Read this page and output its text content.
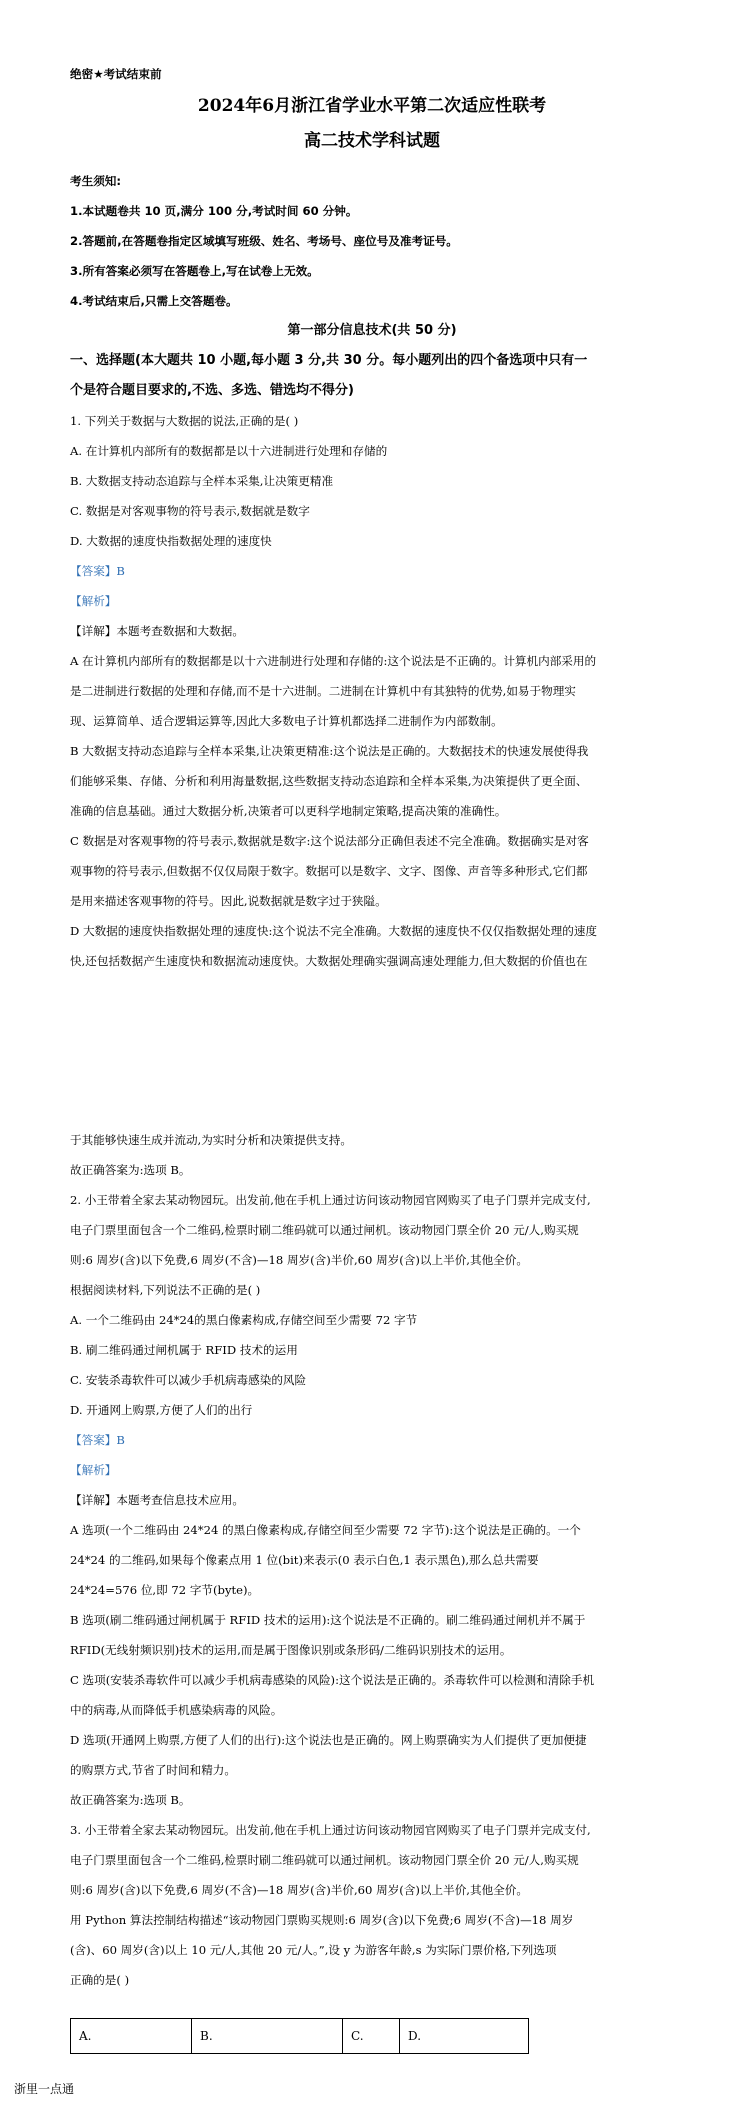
绝密★考试结束前
2024年6月浙江省学业水平第二次适应性联考
高二技术学科试题
考生须知:
1.本试题卷共 10 页,满分 100 分,考试时间 60 分钟。
2.答题前,在答题卷指定区域填写班级、姓名、考场号、座位号及准考证号。
3.所有答案必须写在答题卷上,写在试卷上无效。
4.考试结束后,只需上交答题卷。
第一部分信息技术(共 50 分)
一、选择题(本大题共 10 小题,每小题 3 分,共 30 分。每小题列出的四个备选项中只有一
个是符合题目要求的,不选、多选、错选均不得分)
1. 下列关于数据与大数据的说法,正确的是( )
A. 在计算机内部所有的数据都是以十六进制进行处理和存储的
B. 大数据支持动态追踪与全样本采集,让决策更精准
C. 数据是对客观事物的符号表示,数据就是数字
D. 大数据的速度快指数据处理的速度快
【答案】B
【解析】
【详解】本题考查数据和大数据。
A 在计算机内部所有的数据都是以十六进制进行处理和存储的:这个说法是不正确的。计算机内部采用的
是二进制进行数据的处理和存储,而不是十六进制。二进制在计算机中有其独特的优势,如易于物理实
现、运算简单、适合逻辑运算等,因此大多数电子计算机都选择二进制作为内部数制。
B 大数据支持动态追踪与全样本采集,让决策更精准:这个说法是正确的。大数据技术的快速发展使得我
们能够采集、存储、分析和利用海量数据,这些数据支持动态追踪和全样本采集,为决策提供了更全面、
准确的信息基础。通过大数据分析,决策者可以更科学地制定策略,提高决策的准确性。
C 数据是对客观事物的符号表示,数据就是数字:这个说法部分正确但表述不完全准确。数据确实是对客
观事物的符号表示,但数据不仅仅局限于数字。数据可以是数字、文字、图像、声音等多种形式,它们都
是用来描述客观事物的符号。因此,说数据就是数字过于狭隘。
D 大数据的速度快指数据处理的速度快:这个说法不完全准确。大数据的速度快不仅仅指数据处理的速度
快,还包括数据产生速度快和数据流动速度快。大数据处理确实强调高速处理能力,但大数据的价值也在
于其能够快速生成并流动,为实时分析和决策提供支持。
故正确答案为:选项 B。
2. 小王带着全家去某动物园玩。出发前,他在手机上通过访问该动物园官网购买了电子门票并完成支付,
电子门票里面包含一个二维码,检票时刷二维码就可以通过闸机。该动物园门票全价 20 元/人,购买规
则:6 周岁(含)以下免费,6 周岁(不含)—18 周岁(含)半价,60 周岁(含)以上半价,其他全价。
根据阅读材料,下列说法不正确的是( )
A. 一个二维码由 24*24的黑白像素构成,存储空间至少需要 72 字节
B. 刷二维码通过闸机属于 RFID 技术的运用
C. 安装杀毒软件可以减少手机病毒感染的风险
D. 开通网上购票,方便了人们的出行
【答案】B
【解析】
【详解】本题考查信息技术应用。
A 选项(一个二维码由 24*24 的黑白像素构成,存储空间至少需要 72 字节):这个说法是正确的。一个
24*24 的二维码,如果每个像素点用 1 位(bit)来表示(0 表示白色,1 表示黑色),那么总共需要
24*24=576 位,即 72 字节(byte)。
B 选项(刷二维码通过闸机属于 RFID 技术的运用):这个说法是不正确的。刷二维码通过闸机并不属于
RFID(无线射频识别)技术的运用,而是属于图像识别或条形码/二维码识别技术的运用。
C 选项(安装杀毒软件可以减少手机病毒感染的风险):这个说法是正确的。杀毒软件可以检测和清除手机
中的病毒,从而降低手机感染病毒的风险。
D 选项(开通网上购票,方便了人们的出行):这个说法也是正确的。网上购票确实为人们提供了更加便捷
的购票方式,节省了时间和精力。
故正确答案为:选项 B。
3. 小王带着全家去某动物园玩。出发前,他在手机上通过访问该动物园官网购买了电子门票并完成支付,
电子门票里面包含一个二维码,检票时刷二维码就可以通过闸机。该动物园门票全价 20 元/人,购买规
则:6 周岁(含)以下免费,6 周岁(不含)—18 周岁(含)半价,60 周岁(含)以上半价,其他全价。
用 Python 算法控制结构描述“该动物园门票购买规则:6 周岁(含)以下免费;6 周岁(不含)—18 周岁
(含)、60 周岁(含)以上 10 元/人,其他 20 元/人。”,设 y 为游客年龄,s 为实际门票价格,下列选项
正确的是( )
A.	B.	C.	D.
浙里一点通
